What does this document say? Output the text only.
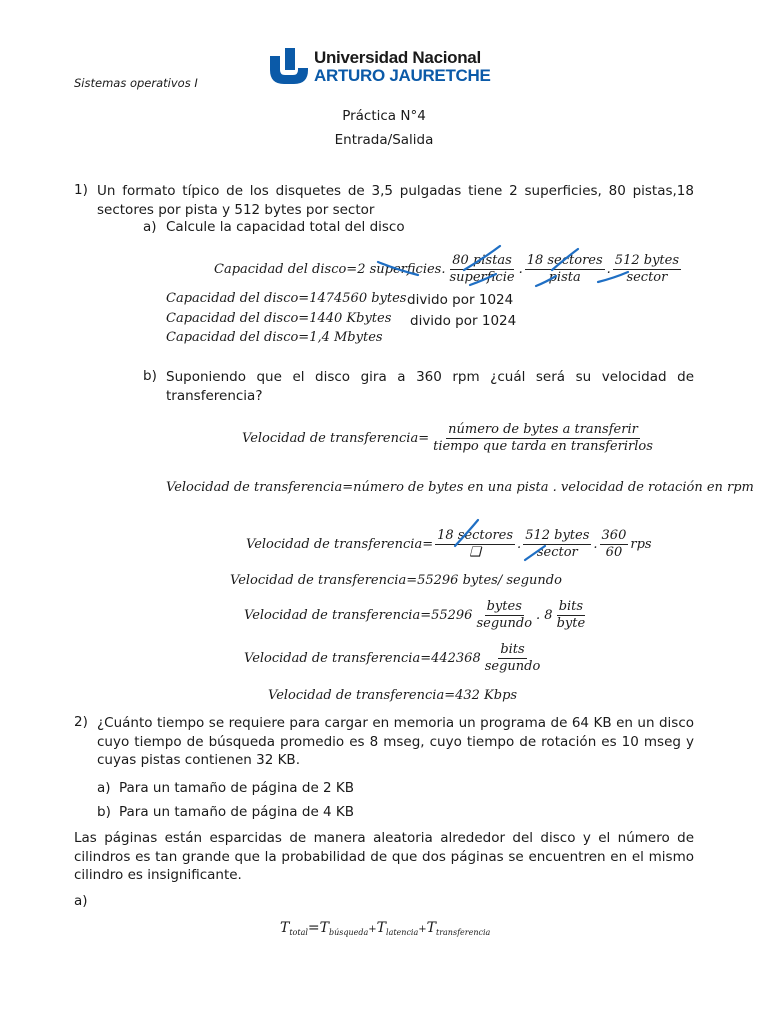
Sistemas operativos I
Universidad Nacional
ARTURO JAURETCHE
Práctica N°4
Entrada/Salida
1) Un formato típico de los disquetes de 3,5 pulgadas tiene 2 superficies, 80 pistas,18 sectores por pista y 512 bytes por sector
a) Calcule la capacidad total del disco
Capacidad del disco=2 superficies . $\frac{\text{80 pistas}}{\text{superficie}}$ . $\frac{\text{18 sectores}}{\text{pista}}$ . $\frac{\text{512 bytes}}{\text{sector}}$
Capacidad del disco=1474560 bytes divido por 1024
Capacidad del disco=1440 Kbytes divido por 1024
Capacidad del disco=1,4 Mbytes
b) Suponiendo que el disco gira a 360 rpm ¿cuál será su velocidad de transferencia?
Velocidad de transferencia= $\frac{\text{número de bytes a transferir}}{\text{tiempo que tarda en transferirlos}}$
Velocidad de transferencia=número de bytes en una pista . velocidad de rotación en rpm
Velocidad de transferencia= $\frac{\text{18 sectores}}{❑}$ . $\frac{\text{512 bytes}}{\text{sector}}$ . $\frac{360}{60}$ rps
Velocidad de transferencia=55296 bytes/ segundo
Velocidad de transferencia=55296 $\frac{\text{bytes}}{\text{segundo}}$ . $8 \frac{\text{bits}}{\text{byte}}$
Velocidad de transferencia=442368 $\frac{\text{bits}}{\text{segundo}}$
Velocidad de transferencia=432 Kbps
2) ¿Cuánto tiempo se requiere para cargar en memoria un programa de 64 KB en un disco cuyo tiempo de búsqueda promedio es 8 mseg, cuyo tiempo de rotación es 10 mseg y cuyas pistas contienen 32 KB.
a) Para un tamaño de página de 2 KB
b) Para un tamaño de página de 4 KB
Las páginas están esparcidas de manera aleatoria alrededor del disco y el número de cilindros es tan grande que la probabilidad de que dos páginas se encuentren en el mismo cilindro es insignificante.
a)
$T_{total}=T_{búsqueda}+T_{latencia}+T_{transferencia}$
